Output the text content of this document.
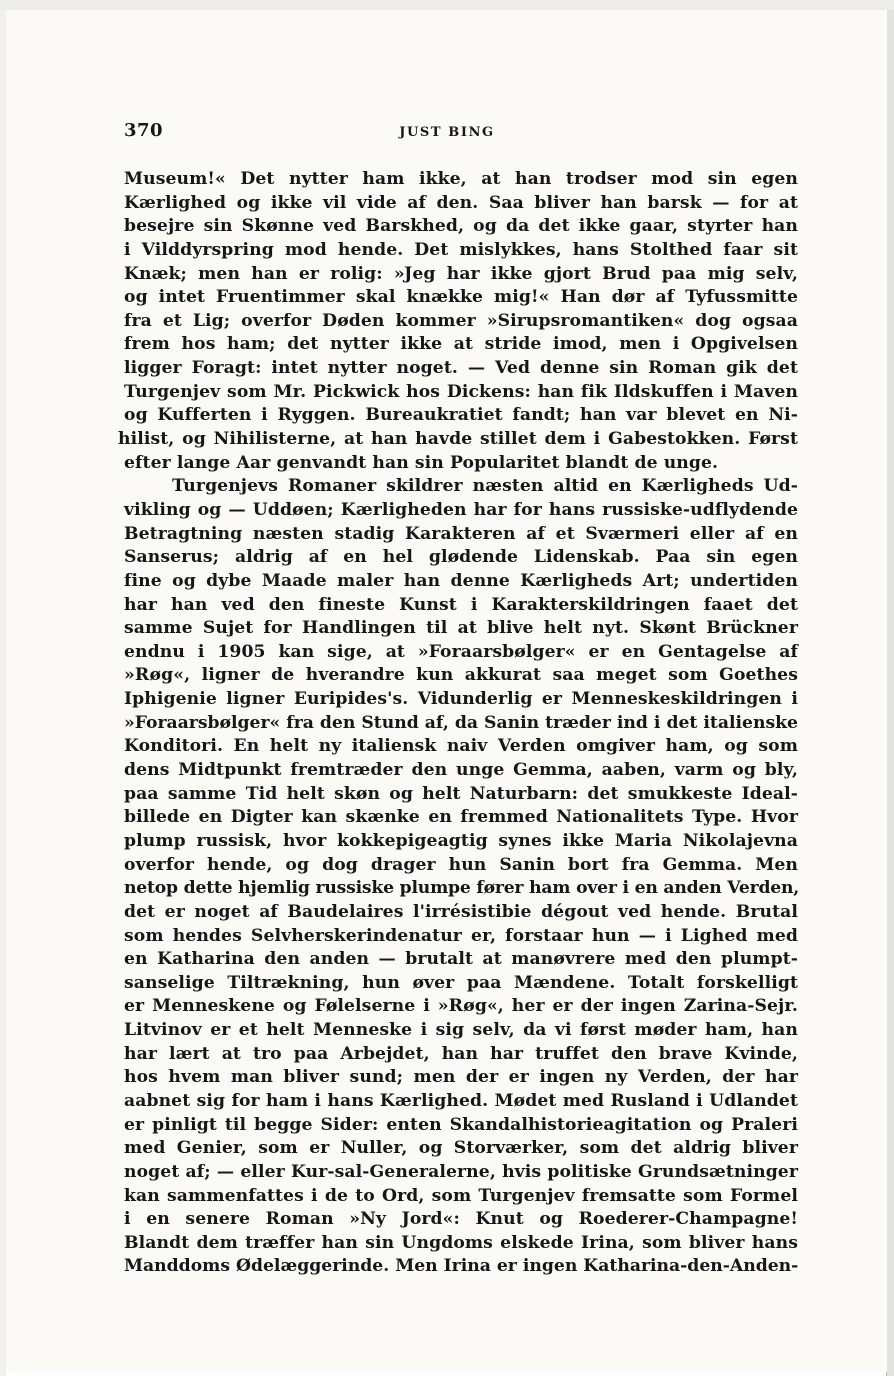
370	JUST BING
Museum!« Det nytter ham ikke, at han trodser mod sin egen
Kærlighed og ikke vil vide af den. Saa bliver han barsk — for at
besejre sin Skønne ved Barskhed, og da det ikke gaar, styrter han
i Vilddyrspring mod hende. Det mislykkes, hans Stolthed faar sit
Knæk; men han er rolig: »Jeg har ikke gjort Brud paa mig selv,
og intet Fruentimmer skal knække mig!« Han dør af Tyfussmitte
fra et Lig; overfor Døden kommer »Sirupsromantiken« dog ogsaa
frem hos ham; det nytter ikke at stride imod, men i Opgivelsen
ligger Foragt: intet nytter noget. — Ved denne sin Roman gik det
Turgenjev som Mr. Pickwick hos Dickens: han fik Ildskuffen i Maven
og Kufferten i Ryggen. Bureaukratiet fandt; han var blevet en Ni-
hilist, og Nihilisterne, at han havde stillet dem i Gabestokken. Først
efter lange Aar genvandt han sin Popularitet blandt de unge.
Turgenjevs Romaner skildrer næsten altid en Kærligheds Ud-
vikling og — Uddøen; Kærligheden har for hans russiske-udflydende
Betragtning næsten stadig Karakteren af et Sværmeri eller af en
Sanserus; aldrig af en hel glødende Lidenskab. Paa sin egen
fine og dybe Maade maler han denne Kærligheds Art; undertiden
har han ved den fineste Kunst i Karakterskildringen faaet det
samme Sujet for Handlingen til at blive helt nyt. Skønt Brückner
endnu i 1905 kan sige, at »Foraarsbølger« er en Gentagelse af
»Røg«, ligner de hverandre kun akkurat saa meget som Goethes
Iphigenie ligner Euripides's. Vidunderlig er Menneskeskildringen i
»Foraarsbølger« fra den Stund af, da Sanin træder ind i det italienske
Konditori. En helt ny italiensk naiv Verden omgiver ham, og som
dens Midtpunkt fremtræder den unge Gemma, aaben, varm og bly,
paa samme Tid helt skøn og helt Naturbarn: det smukkeste Ideal-
billede en Digter kan skænke en fremmed Nationalitets Type. Hvor
plump russisk, hvor kokkepigeagtig synes ikke Maria Nikolajevna
overfor hende, og dog drager hun Sanin bort fra Gemma. Men
netop dette hjemlig russiske plumpe fører ham over i en anden Verden,
det er noget af Baudelaires l'irrésistibie dégout ved hende. Brutal
som hendes Selvherskerindenatur er, forstaar hun — i Lighed med
en Katharina den anden — brutalt at manøvrere med den plumpt-
sanselige Tiltrækning, hun øver paa Mændene. Totalt forskelligt
er Menneskene og Følelserne i »Røg«, her er der ingen Zarina-Sejr.
Litvinov er et helt Menneske i sig selv, da vi først møder ham, han
har lært at tro paa Arbejdet, han har truffet den brave Kvinde,
hos hvem man bliver sund; men der er ingen ny Verden, der har
aabnet sig for ham i hans Kærlighed. Mødet med Rusland i Udlandet
er pinligt til begge Sider: enten Skandalhistorieagitation og Praleri
med Genier, som er Nuller, og Storværker, som det aldrig bliver
noget af; — eller Kur-sal-Generalerne, hvis politiske Grundsætninger
kan sammenfattes i de to Ord, som Turgenjev fremsatte som Formel
i en senere Roman »Ny Jord«: Knut og Roederer-Champagne!
Blandt dem træffer han sin Ungdoms elskede Irina, som bliver hans
Manddoms Ødelæggerinde. Men Irina er ingen Katharina-den-Anden-
